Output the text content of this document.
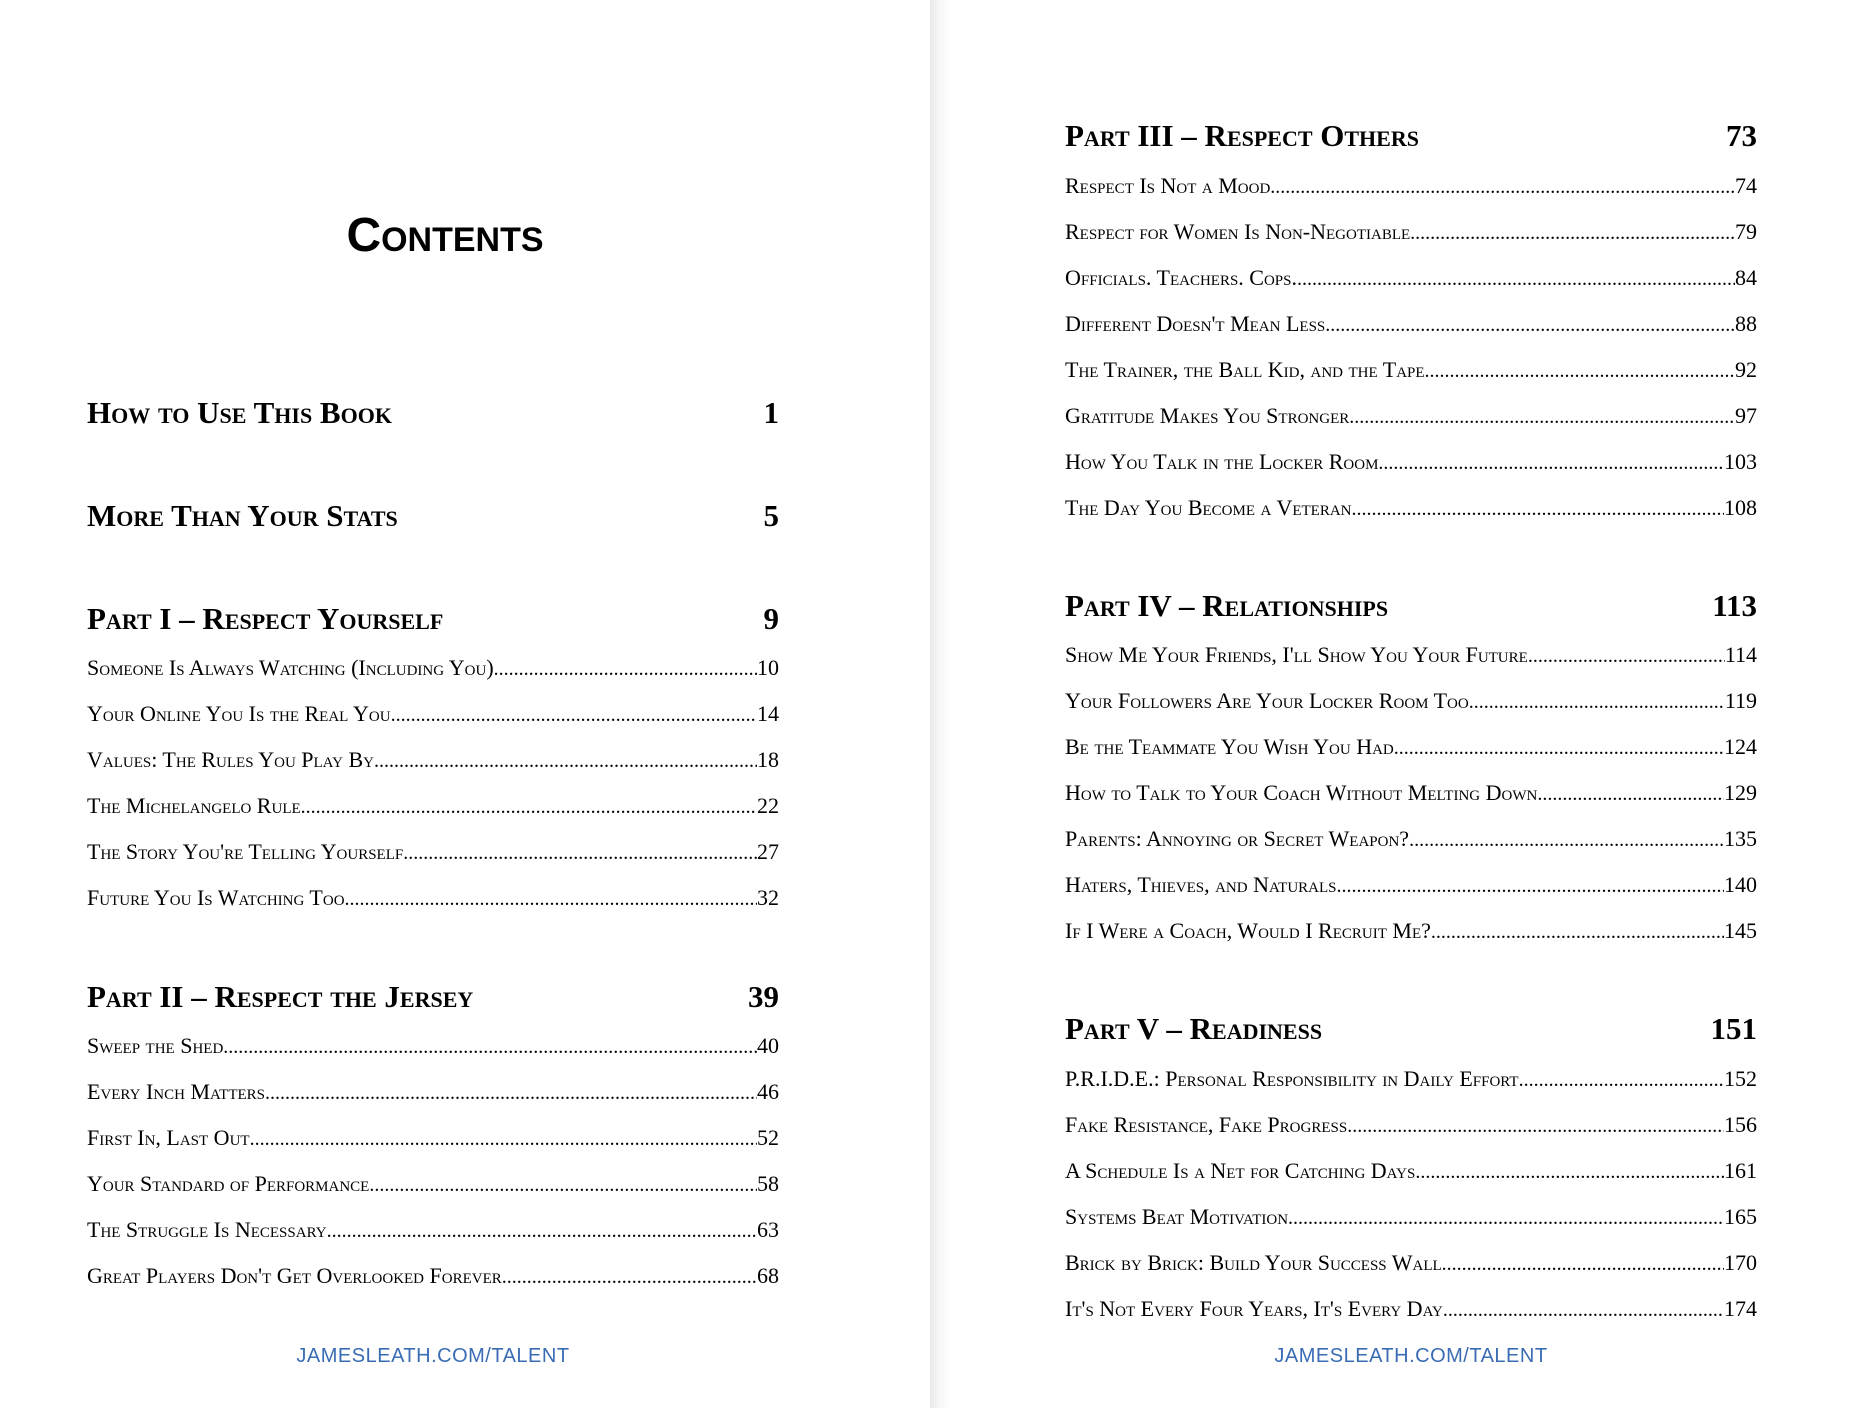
Contents
How to Use This Book	1
More Than Your Stats	5
Part I – Respect Yourself	9
Someone Is Always Watching (Including You) .....	10
Your Online You Is the Real You .....	14
Values: The Rules You Play By .....	18
The Michelangelo Rule .....	22
The Story You're Telling Yourself .....	27
Future You Is Watching Too .....	32
Part II – Respect the Jersey	39
Sweep the Shed .....	40
Every Inch Matters .....	46
First In, Last Out .....	52
Your Standard of Performance .....	58
The Struggle Is Necessary .....	63
Great Players Don't Get Overlooked Forever .....	68
Part III – Respect Others	73
Respect Is Not a Mood .....	74
Respect for Women Is Non-Negotiable .....	79
Officials. Teachers. Cops. .....	84
Different Doesn't Mean Less .....	88
The Trainer, the Ball Kid, and the Tape .....	92
Gratitude Makes You Stronger .....	97
How You Talk in the Locker Room .....	103
The Day You Become a Veteran .....	108
Part IV – Relationships	113
Show Me Your Friends, I'll Show You Your Future .....	114
Your Followers Are Your Locker Room Too .....	119
Be the Teammate You Wish You Had .....	124
How to Talk to Your Coach Without Melting Down .....	129
Parents: Annoying or Secret Weapon? .....	135
Haters, Thieves, and Naturals .....	140
If I Were a Coach, Would I Recruit Me? .....	145
Part V – Readiness	151
P.R.I.D.E.: Personal Responsibility in Daily Effort .....	152
Fake Resistance, Fake Progress .....	156
A Schedule Is a Net for Catching Days .....	161
Systems Beat Motivation .....	165
Brick by Brick: Build Your Success Wall .....	170
It's Not Every Four Years, It's Every Day .....	174
JAMESLEATH.COM/TALENT	JAMESLEATH.COM/TALENT
